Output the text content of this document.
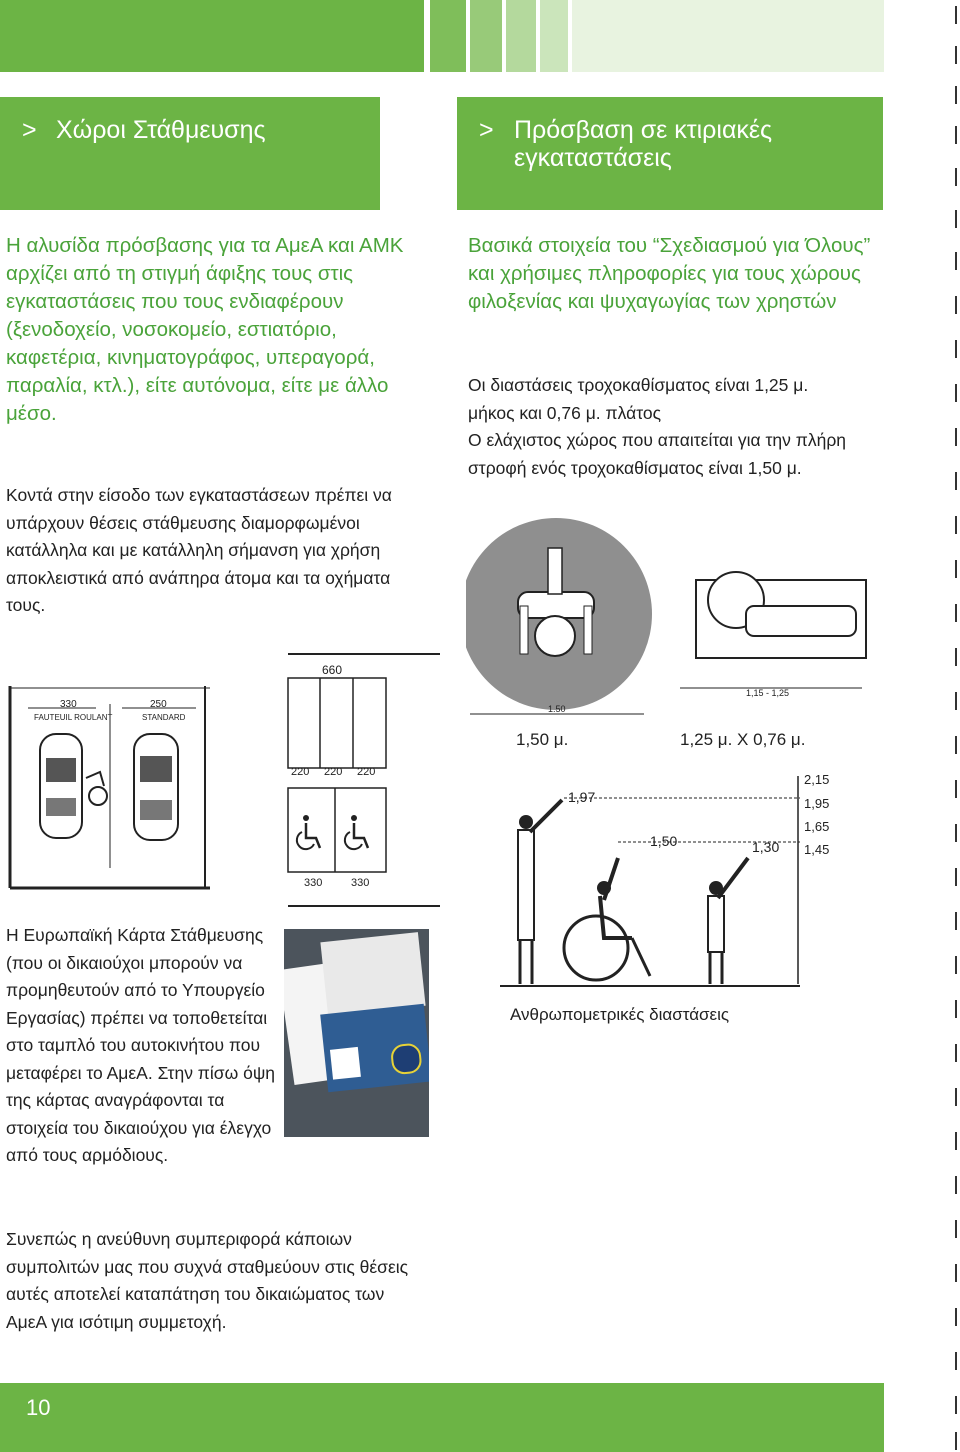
> Χώροι Στάθμευσης	> Πρόσβαση σε κτιριακές εγκαταστάσεις
Η αλυσίδα πρόσβασης για τα ΑμεΑ και ΑΜΚ αρχίζει από τη στιγμή άφιξης τους στις εγκαταστάσεις που τους ενδιαφέρουν (ξενοδοχείο, νοσοκομείο, εστιατόριο, καφετέρια, κινηματογράφος, υπεραγορά, παραλία, κτλ.), είτε αυτόνομα, είτε με άλλο μέσο.
Κοντά στην είσοδο των εγκαταστάσεων πρέπει να υπάρχουν θέσεις στάθμευσης διαμορφωμένοι κατάλληλα και με κατάλληλη σήμανση για χρήση αποκλειστικά από ανάπηρα άτομα και τα οχήματα τους.
330	250
FAUTEUIL ROULANT	STANDARD
660
220 220 220
330	330
Η Ευρωπαϊκή Κάρτα Στάθμευσης (που οι δικαιούχοι μπορούν να προμηθευτούν από το Υπουργείο Εργασίας) πρέπει να τοποθετείται στο ταμπλό του αυτοκινήτου που μεταφέρει το ΑμεΑ. Στην πίσω όψη της κάρτας αναγράφονται τα στοιχεία του δικαιούχου για έλεγχο από τους αρμόδιους.
Συνεπώς η ανεύθυνη συμπεριφορά κάποιων συμπολιτών μας που συχνά σταθμεύουν στις θέσεις αυτές αποτελεί καταπάτηση του δικαιώματος των ΑμεΑ για ισότιμη συμμετοχή.
Βασικά στοιχεία του “Σχεδιασμού για Όλους” και χρήσιμες πληροφορίες για τους χώρους φιλοξενίας και ψυχαγωγίας των χρηστών
Οι διαστάσεις τροχοκαθίσματος είναι 1,25 μ.
μήκος και 0,76 μ. πλάτος
Ο ελάχιστος χώρος που απαιτείται για την πλήρη στροφή ενός τροχοκαθίσματος είναι 1,50 μ.
1.50
1,15 - 1,25
1,50 μ.	1,25 μ. Χ 0,76 μ.
1,97
1,50	1,30
2,15
1,95
1,65
1,45
Ανθρωπομετρικές διαστάσεις
10
